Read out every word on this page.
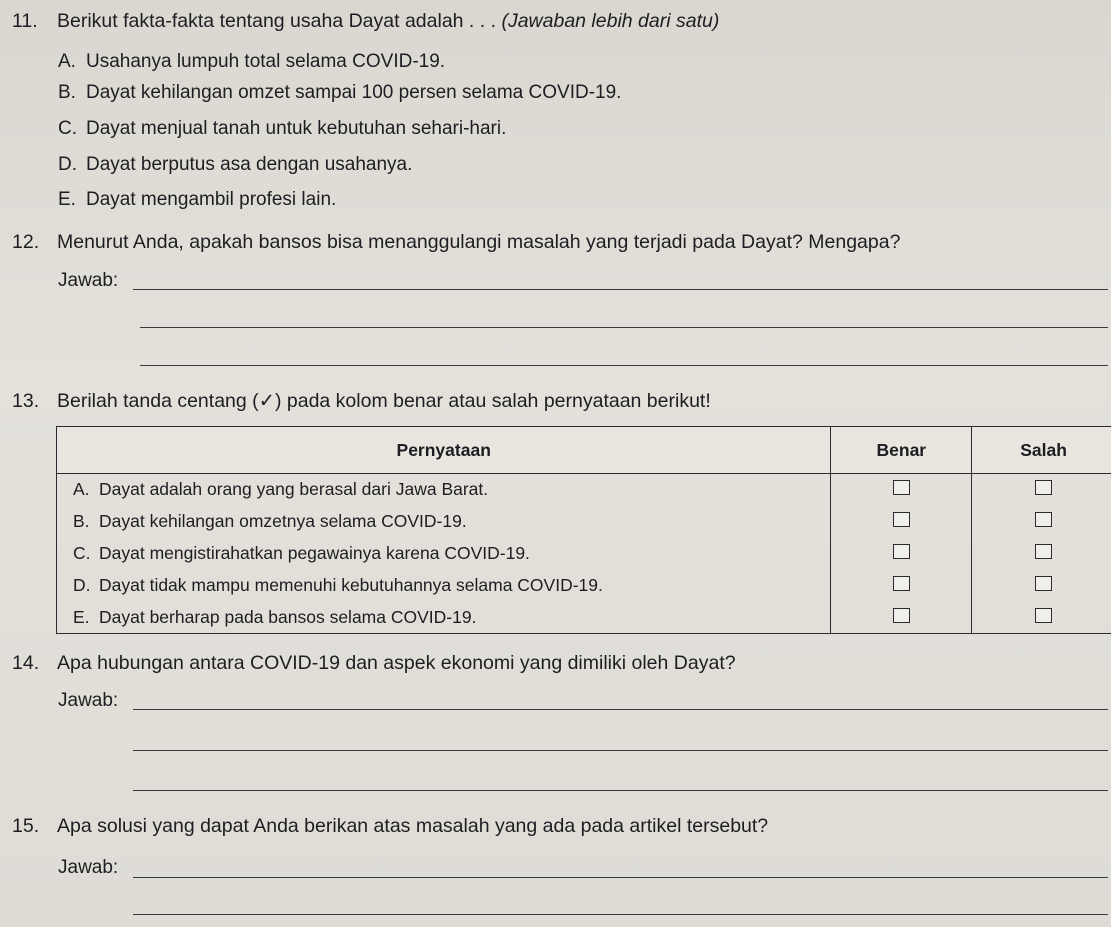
11. Berikut fakta-fakta tentang usaha Dayat adalah . . . (Jawaban lebih dari satu)
A. Usahanya lumpuh total selama COVID-19.
B. Dayat kehilangan omzet sampai 100 persen selama COVID-19.
C. Dayat menjual tanah untuk kebutuhan sehari-hari.
D. Dayat berputus asa dengan usahanya.
E. Dayat mengambil profesi lain.
12. Menurut Anda, apakah bansos bisa menanggulangi masalah yang terjadi pada Dayat? Mengapa?
Jawab:
13. Berilah tanda centang (✓) pada kolom benar atau salah pernyataan berikut!
Pernyataan	Benar	Salah
A. Dayat adalah orang yang berasal dari Jawa Barat.		
B. Dayat kehilangan omzetnya selama COVID-19.		
C. Dayat mengistirahatkan pegawainya karena COVID-19.		
D. Dayat tidak mampu memenuhi kebutuhannya selama COVID-19.		
E. Dayat berharap pada bansos selama COVID-19.		
14. Apa hubungan antara COVID-19 dan aspek ekonomi yang dimiliki oleh Dayat?
Jawab:
15. Apa solusi yang dapat Anda berikan atas masalah yang ada pada artikel tersebut?
Jawab:
